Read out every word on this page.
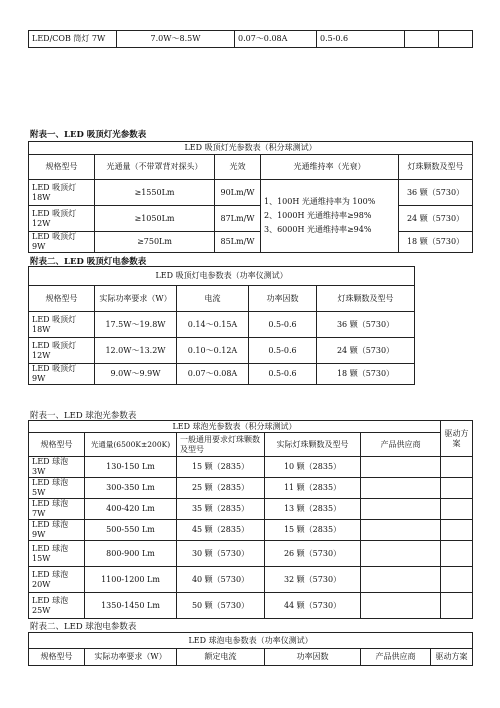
LED/COB 筒灯 7W	7.0W～8.5W	0.07～0.08A	0.5-0.6		
附表一、LED 吸顶灯光参数表
LED 吸顶灯光参数表（积分球测试）				
规格型号	光通量（不带罩背对探头）	光效	光通维持率（光衰）	灯珠颗数及型号
LED 吸顶灯 18W	≥1550Lm	90Lm/W	1、100H 光通维持率为 100%
2、1000H 光通维持率≥98%
3、6000H 光通维持率≥94%	36 颗（5730）
LED 吸顶灯 12W	≥1050Lm	87Lm/W		24 颗（5730）
LED 吸顶灯 9W	≥750Lm	85Lm/W		18 颗（5730）
附表二、LED 吸顶灯电参数表
LED 吸顶灯电参数表（功率仪测试）				
规格型号	实际功率要求（W）	电流	功率因数	灯珠颗数及型号
LED 吸顶灯 18W	17.5W～19.8W	0.14～0.15A	0.5-0.6	36 颗（5730）
LED 吸顶灯 12W	12.0W～13.2W	0.10～0.12A	0.5-0.6	24 颗（5730）
LED 吸顶灯 9W	9.0W～9.9W	0.07～0.08A	0.5-0.6	18 颗（5730）
附表一、LED 球泡光参数表
LED 球泡光参数表（积分球测试）					驱动方案
规格型号	光通量(6500K±200K)	一般通用要求灯珠颗数及型号	实际灯珠颗数及型号	产品供应商	
LED 球泡 3W	130-150 Lm	15 颗（2835）	10 颗（2835）		
LED 球泡 5W	300-350 Lm	25 颗（2835）	11 颗（2835）		
LED 球泡 7W	400-420 Lm	35 颗（2835）	13 颗（2835）		
LED 球泡 9W	500-550 Lm	45 颗（2835）	15 颗（2835）		
LED 球泡 15W	800-900 Lm	30 颗（5730）	26 颗（5730）		
LED 球泡 20W	1100-1200 Lm	40 颗（5730）	32 颗（5730）		
LED 球泡 25W	1350-1450 Lm	50 颗（5730）	44 颗（5730）		
附表二、LED 球泡电参数表
LED 球泡电参数表（功率仪测试）
规格型号	实际功率要求（W）	额定电流	功率因数	产品供应商	驱动方案
